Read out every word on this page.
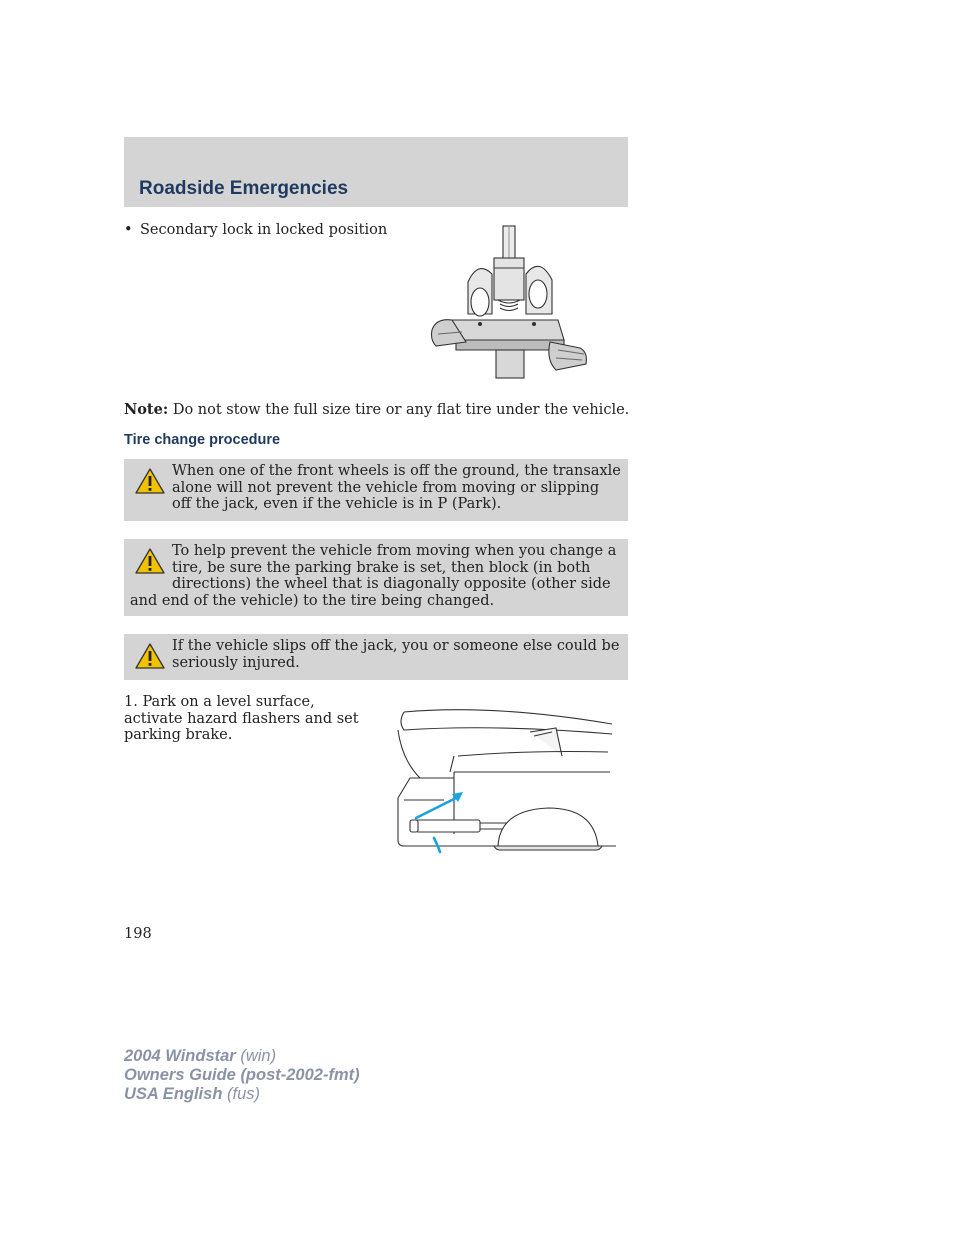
Roadside Emergencies
• Secondary lock in locked position
Note: Do not stow the full size tire or any flat tire under the vehicle.
Tire change procedure
When one of the front wheels is off the ground, the transaxle alone will not prevent the vehicle from moving or slipping off the jack, even if the vehicle is in P (Park).
To help prevent the vehicle from moving when you change a tire, be sure the parking brake is set, then block (in both directions) the wheel that is diagonally opposite (other side and end of the vehicle) to the tire being changed.
If the vehicle slips off the jack, you or someone else could be seriously injured.
1. Park on a level surface, activate hazard flashers and set parking brake.
198
2004 Windstar (win)
Owners Guide (post-2002-fmt)
USA English (fus)
